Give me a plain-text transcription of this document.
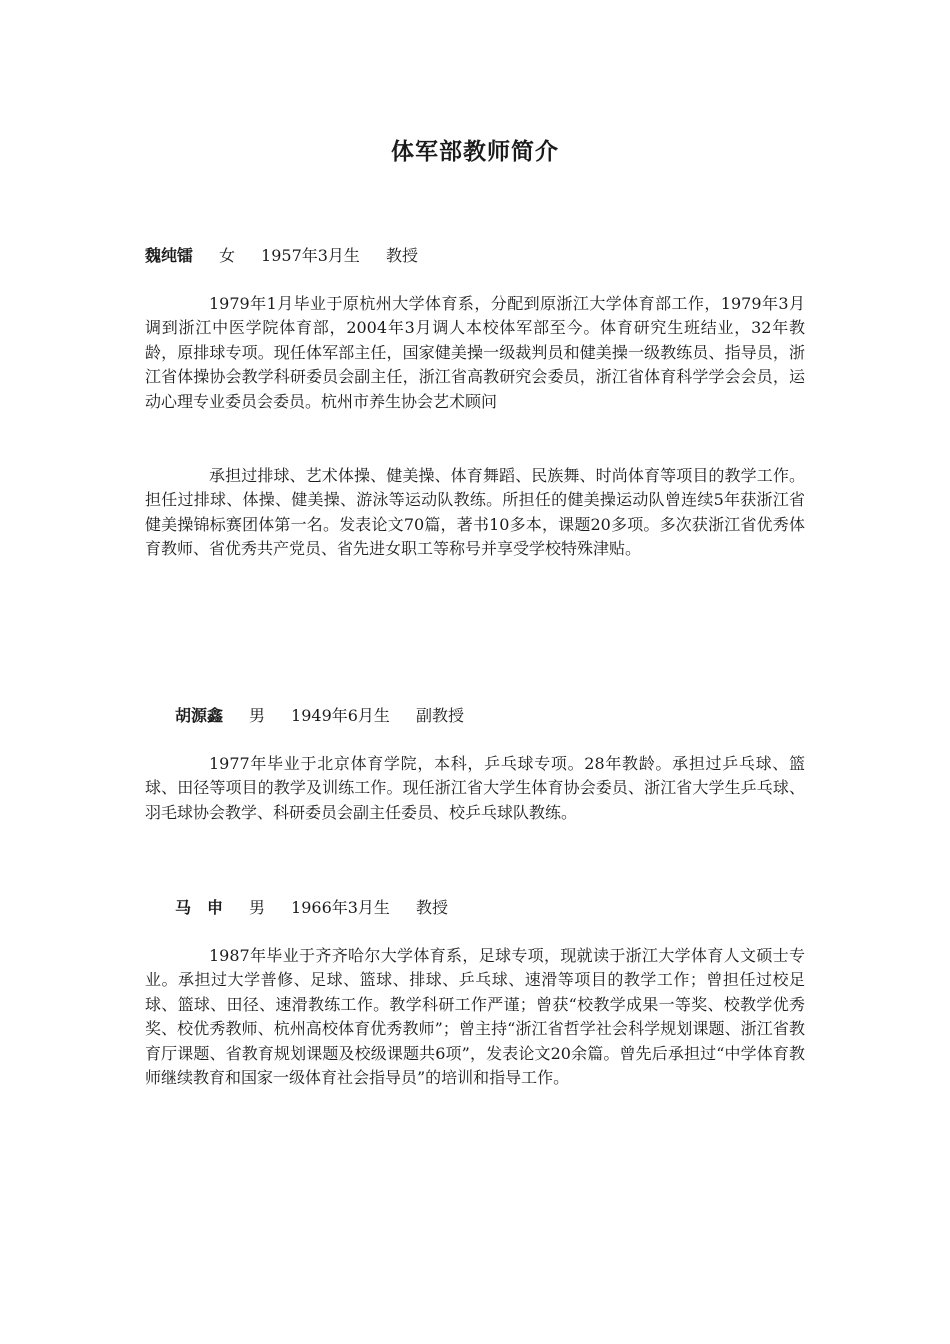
体军部教师简介
魏纯镭 女 1957年3月生 教授

1979年1月毕业于原杭州大学体育系，分配到原浙江大学体育部工作，1979年3月调到浙江中医学院体育部，2004年3月调人本校体军部至今。体育研究生班结业，32年教龄，原排球专项。现任体军部主任，国家健美操一级裁判员和健美操一级教练员、指导员，浙江省体操协会教学科研委员会副主任，浙江省高教研究会委员，浙江省体育科学学会会员，运动心理专业委员会委员。杭州市养生协会艺术顾问

承担过排球、艺术体操、健美操、体育舞蹈、民族舞、时尚体育等项目的教学工作。担任过排球、体操、健美操、游泳等运动队教练。所担任的健美操运动队曾连续5年获浙江省健美操锦标赛团体第一名。发表论文70篇，著书10多本，课题20多项。多次获浙江省优秀体育教师、省优秀共产党员、省先进女职工等称号并享受学校特殊津贴。

胡源鑫 男 1949年6月生 副教授

1977年毕业于北京体育学院，本科，乒乓球专项。28年教龄。承担过乒乓球、篮球、田径等项目的教学及训练工作。现任浙江省大学生体育协会委员、浙江省大学生乒乓球、羽毛球协会教学、科研委员会副主任委员、校乒乓球队教练。

马　申 男 1966年3月生 教授

1987年毕业于齐齐哈尔大学体育系，足球专项，现就读于浙江大学体育人文硕士专业。承担过大学普修、足球、篮球、排球、乒乓球、速滑等项目的教学工作；曾担任过校足球、篮球、田径、速滑教练工作。教学科研工作严谨；曾获“校教学成果一等奖、校教学优秀奖、校优秀教师、杭州高校体育优秀教师”；曾主持“浙江省哲学社会科学规划课题、浙江省教育厅课题、省教育规划课题及校级课题共6项”，发表论文20余篇。曾先后承担过“中学体育教师继续教育和国家一级体育社会指导员”的培训和指导工作。
